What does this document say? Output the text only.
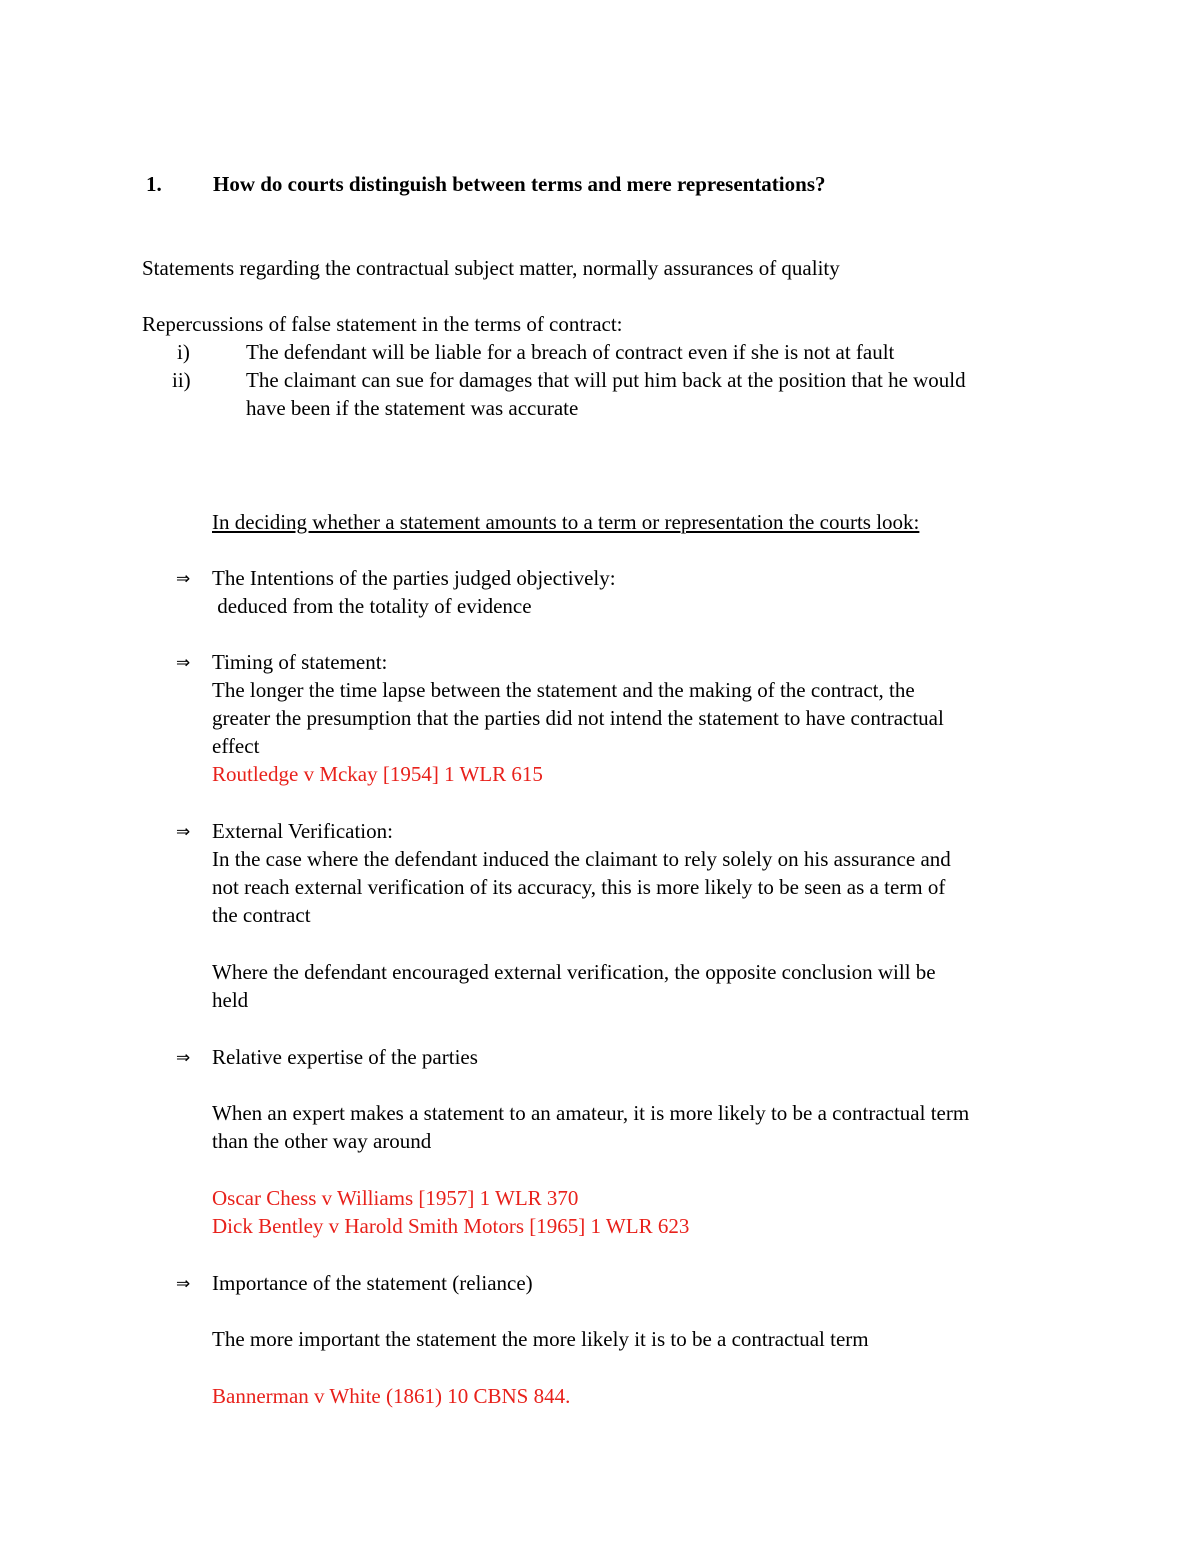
1. How do courts distinguish between terms and mere representations?
Statements regarding the contractual subject matter, normally assurances of quality
Repercussions of false statement in the terms of contract:
i)	The defendant will be liable for a breach of contract even if she is not at fault
ii)	The claimant can sue for damages that will put him back at the position that he would
have been if the statement was accurate
In deciding whether a statement amounts to a term or representation the courts look:
⇒ The Intentions of the parties judged objectively:
deduced from the totality of evidence
⇒ Timing of statement:
The longer the time lapse between the statement and the making of the contract, the
greater the presumption that the parties did not intend the statement to have contractual
effect
Routledge v Mckay [1954] 1 WLR 615
⇒ External Verification:
In the case where the defendant induced the claimant to rely solely on his assurance and
not reach external verification of its accuracy, this is more likely to be seen as a term of
the contract
Where the defendant encouraged external verification, the opposite conclusion will be
held
⇒ Relative expertise of the parties
When an expert makes a statement to an amateur, it is more likely to be a contractual term
than the other way around
Oscar Chess v Williams [1957] 1 WLR 370
Dick Bentley v Harold Smith Motors [1965] 1 WLR 623
⇒ Importance of the statement (reliance)
The more important the statement the more likely it is to be a contractual term
Bannerman v White (1861) 10 CBNS 844.
